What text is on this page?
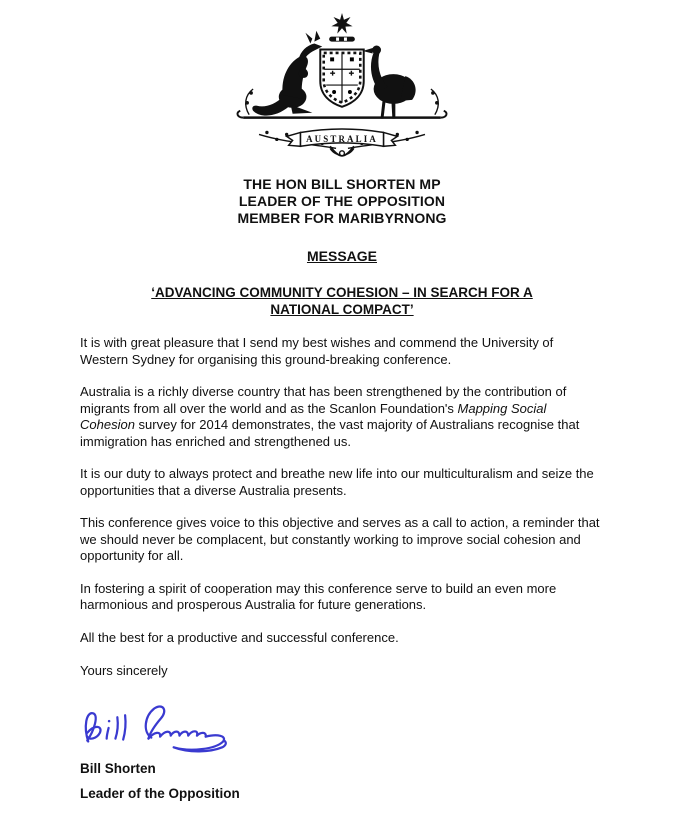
AUSTRALIA
THE HON BILL SHORTEN MP
LEADER OF THE OPPOSITION
MEMBER FOR MARIBYRNONG
MESSAGE
‘ADVANCING COMMUNITY COHESION – IN SEARCH FOR A
NATIONAL COMPACT’

It is with great pleasure that I send my best wishes and commend the University of Western Sydney for organising this ground-breaking conference.

Australia is a richly diverse country that has been strengthened by the contribution of migrants from all over the world and as the Scanlon Foundation's Mapping Social Cohesion survey for 2014 demonstrates, the vast majority of Australians recognise that immigration has enriched and strengthened us.

It is our duty to always protect and breathe new life into our multiculturalism and seize the opportunities that a diverse Australia presents.

This conference gives voice to this objective and serves as a call to action, a reminder that we should never be complacent, but constantly working to improve social cohesion and opportunity for all.

In fostering a spirit of cooperation may this conference serve to build an even more harmonious and prosperous Australia for future generations.

All the best for a productive and successful conference.

Yours sincerely

Bill Shorten
Leader of the Opposition
